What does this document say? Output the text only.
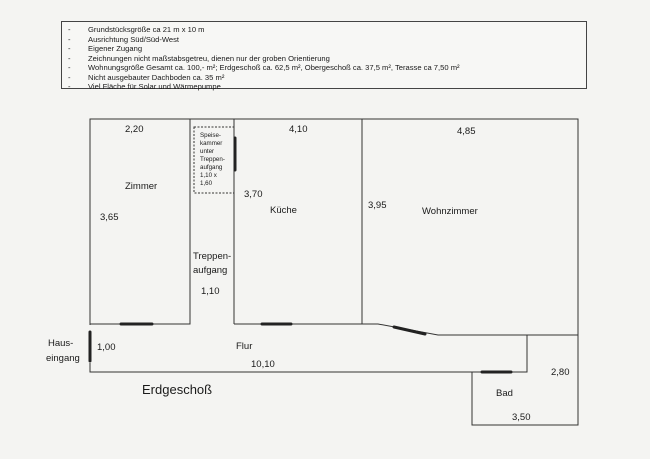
- Grundstücksgröße ca 21 m x 10 m
- Ausrichtung Süd/Süd-West
- Eigener Zugang
- Zeichnungen nicht maßstabsgetreu, dienen nur der groben Orientierung
- Wohnungsgröße Gesamt ca. 100,- m²; Erdgeschoß ca. 62,5 m², Obergeschoß ca. 37,5 m², Terasse ca 7,50 m²
- Nicht ausgebauter Dachboden ca. 35 m²
- Viel Fläche für Solar und Wärmepumpe
2,20
Zimmer
3,65
Speise-
kammer
unter
Treppen-
aufgang
1,10 x
1,60
Treppen-
aufgang
1,10
4,10
3,70
Küche
4,85
3,95
Wohnzimmer
Haus-
eingang
1,00	Flur
10,10
2,80
Bad
3,50
Erdgeschoß
